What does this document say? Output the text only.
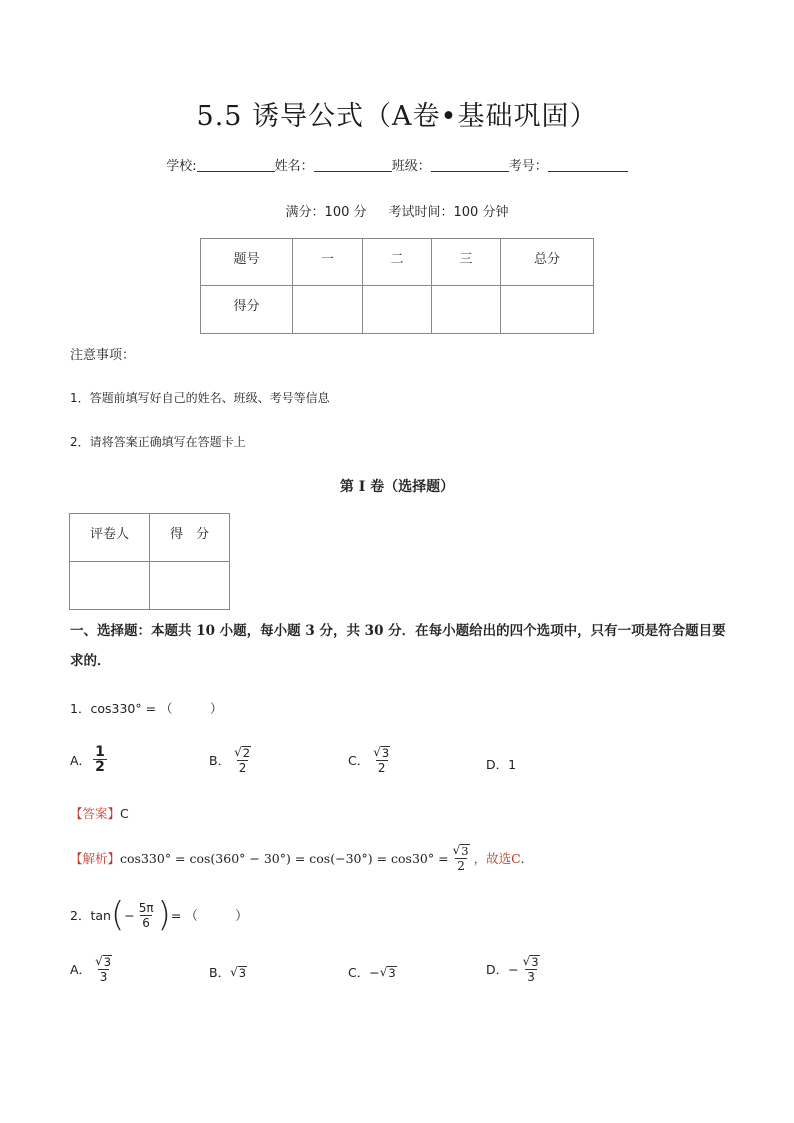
5.5 诱导公式（A卷•基础巩固）
学校:	姓名：	班级：	考号：
满分：100 分 考试时间：100 分钟
题号	一	二	三	总分
得分				
注意事项：
1．答题前填写好自己的姓名、班级、考号等信息
2．请将答案正确填写在答题卡上
第 I 卷（选择题）
评卷人	得　分

一、选择题：本题共 10 小题，每小题 3 分，共 30 分．在每小题给出的四个选项中，只有一项是符合题目要求的．
1．cos330° = （　　　）
A． $\frac{1}{2}$	B． $\frac{√ 2}{2}$	C． $\frac{√ 3}{2}$	D． 1
【答案】C
【解析】 $\cos 330^\circ = \cos(360^\circ - 30^\circ) = \cos(-30^\circ) = \cos 30^\circ = \frac{√ 3}{2}$ ，故选 C .
2． tan ( − $\frac{5\pi}{6}$ ) = （　　　）
A． $\frac{√ 3}{3}$	B． √ 3	C． − √ 3	D． − $\frac{√ 3}{3}$
